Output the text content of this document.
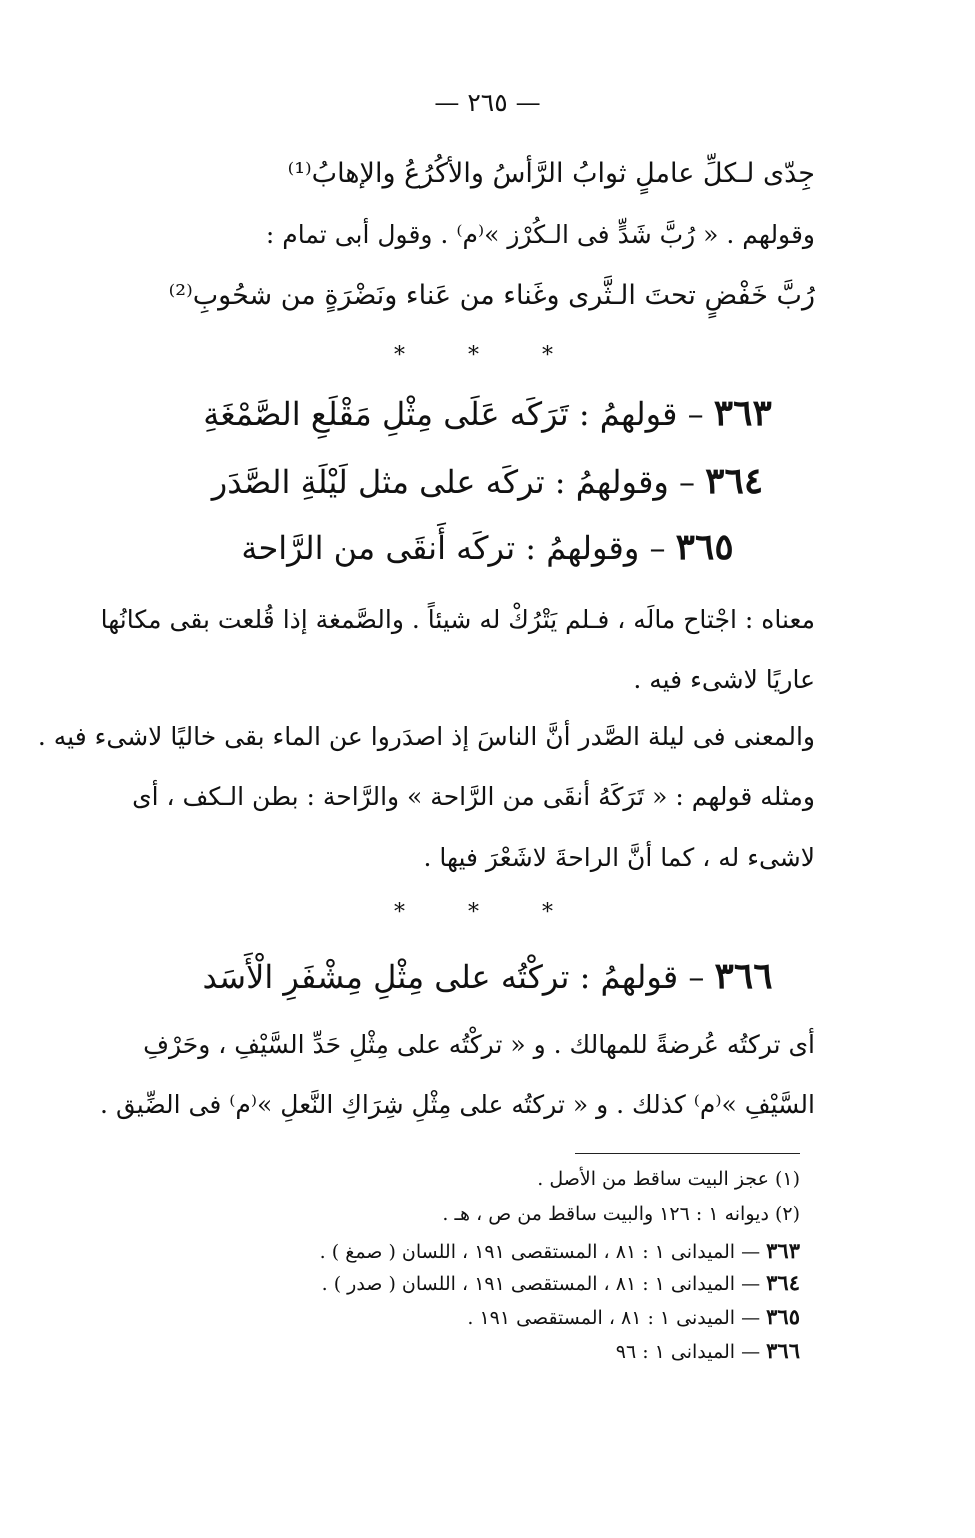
— ٢٦٥ —
جِدّى لـكلِّ عاملٍ ثوابُ الرَّأسُ والأكُرُعُ والإهابُ⁽¹⁾
وقولهم . « رُبَّ شَدٍّ فى الـكُرْز »⁽م⁾ . وقول أبى تمام :
رُبَّ خَفْضٍ تحتَ الـثَّرى وغَناء من عَناء ونَضْرَةٍ من شحُوبِ⁽²⁾
* * *
٣٦٣ – قولهمُ : تَرَكَه عَلَى مِثْلِ مَقْلَعِ الصَّمْغَةِ
٣٦٤ – وقولهمُ : تركَه على مثل لَيْلَةِ الصَّدَر
٣٦٥ – وقولهمُ : تركَه أَنقَى من الرَّاحة
معناه : اجْتاح مالَه ، فـلم يَتْرُكْ له شيئاً . والصَّمغة إذا قُلعت بقى مكانُها
عاريًا لاشىء فيه .
والمعنى فى ليلة الصَّدر أنَّ الناسَ إذ اصدَروا عن الماء بقى خاليًا لاشىء فيه .
ومثله قولهم : « تَرَكَهُ أنقَى من الرَّاحة » والرَّاحة : بطن الـكف ، أى
لاشىء له ، كما أنَّ الراحةَ لاشَعْرَ فيها .
* * *
٣٦٦ – قولهمُ : تركْتُه على مِثْلِ مِشْفَرِ الْأَسَد
أى تركتُه عُرضةً للمهالك . و « تركْتُه على مِثْلِ حَدِّ السَّيْفِ ، وحَرْفِ
السَّيْفِ »⁽م⁾ كذلك . و « تركتُه على مِثْلِ شِرَاكِ النَّعلِ »⁽م⁾ فى الضِّيق .
(١) عجز البيت ساقط من الأصل .
(٢) ديوانه ١ : ١٢٦ والبيت ساقط من ص ، هـ .
٣٦٣ — الميدانى ١ : ٨١ ، المستقصى ١٩١ ، اللسان ( صمغ ) .
٣٦٤ — الميدانى ١ : ٨١ ، المستقصى ١٩١ ، اللسان ( صدر ) .
٣٦٥ — الميدنى ١ : ٨١ ، المستقصى ١٩١ .
٣٦٦ — الميدانى ١ : ٩٦
